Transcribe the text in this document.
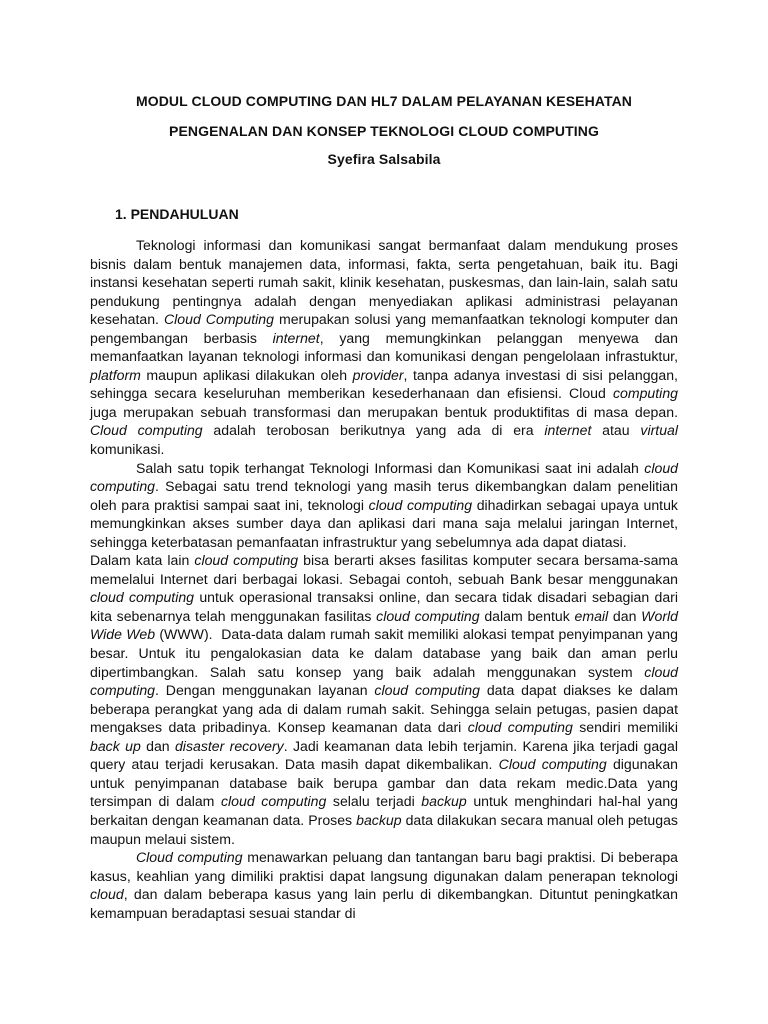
MODUL CLOUD COMPUTING DAN HL7 DALAM PELAYANAN KESEHATAN
PENGENALAN DAN KONSEP TEKNOLOGI CLOUD COMPUTING
Syefira Salsabila
1. PENDAHULUAN

Teknologi informasi dan komunikasi sangat bermanfaat dalam mendukung proses bisnis dalam bentuk manajemen data, informasi, fakta, serta pengetahuan, baik itu. Bagi instansi kesehatan seperti rumah sakit, klinik kesehatan, puskesmas, dan lain-lain, salah satu pendukung pentingnya adalah dengan menyediakan aplikasi administrasi pelayanan kesehatan. Cloud Computing merupakan solusi yang memanfaatkan teknologi komputer dan pengembangan berbasis internet, yang memungkinkan pelanggan menyewa dan memanfaatkan layanan teknologi informasi dan komunikasi dengan pengelolaan infrastuktur, platform maupun aplikasi dilakukan oleh provider, tanpa adanya investasi di sisi pelanggan, sehingga secara keseluruhan memberikan kesederhanaan dan efisiensi. Cloud computing juga merupakan sebuah transformasi dan merupakan bentuk produktifitas di masa depan. Cloud computing adalah terobosan berikutnya yang ada di era internet atau virtual komunikasi.

Salah satu topik terhangat Teknologi Informasi dan Komunikasi saat ini adalah cloud computing. Sebagai satu trend teknologi yang masih terus dikembangkan dalam penelitian oleh para praktisi sampai saat ini, teknologi cloud computing dihadirkan sebagai upaya untuk memungkinkan akses sumber daya dan aplikasi dari mana saja melalui jaringan Internet, sehingga keterbatasan pemanfaatan infrastruktur yang sebelumnya ada dapat diatasi.

Dalam kata lain cloud computing bisa berarti akses fasilitas komputer secara bersama-sama memelalui Internet dari berbagai lokasi. Sebagai contoh, sebuah Bank besar menggunakan cloud computing untuk operasional transaksi online, dan secara tidak disadari sebagian dari kita sebenarnya telah menggunakan fasilitas cloud computing dalam bentuk email dan World Wide Web (WWW).  Data-data dalam rumah sakit memiliki alokasi tempat penyimpanan yang besar. Untuk itu pengalokasian data ke dalam database yang baik dan aman perlu dipertimbangkan. Salah satu konsep yang baik adalah menggunakan system cloud computing. Dengan menggunakan layanan cloud computing data dapat diakses ke dalam beberapa perangkat yang ada di dalam rumah sakit. Sehingga selain petugas, pasien dapat mengakses data pribadinya. Konsep keamanan data dari cloud computing sendiri memiliki back up dan disaster recovery. Jadi keamanan data lebih terjamin. Karena jika terjadi gagal query atau terjadi kerusakan. Data masih dapat dikembalikan. Cloud computing digunakan untuk penyimpanan database baik berupa gambar dan data rekam medic.Data yang tersimpan di dalam cloud computing selalu terjadi backup untuk menghindari hal-hal yang berkaitan dengan keamanan data. Proses backup data dilakukan secara manual oleh petugas maupun melaui sistem.

Cloud computing menawarkan peluang dan tantangan baru bagi praktisi. Di beberapa kasus, keahlian yang dimiliki praktisi dapat langsung digunakan dalam penerapan teknologi cloud, dan dalam beberapa kasus yang lain perlu di dikembangkan. Dituntut peningkatkan kemampuan beradaptasi sesuai standar di
